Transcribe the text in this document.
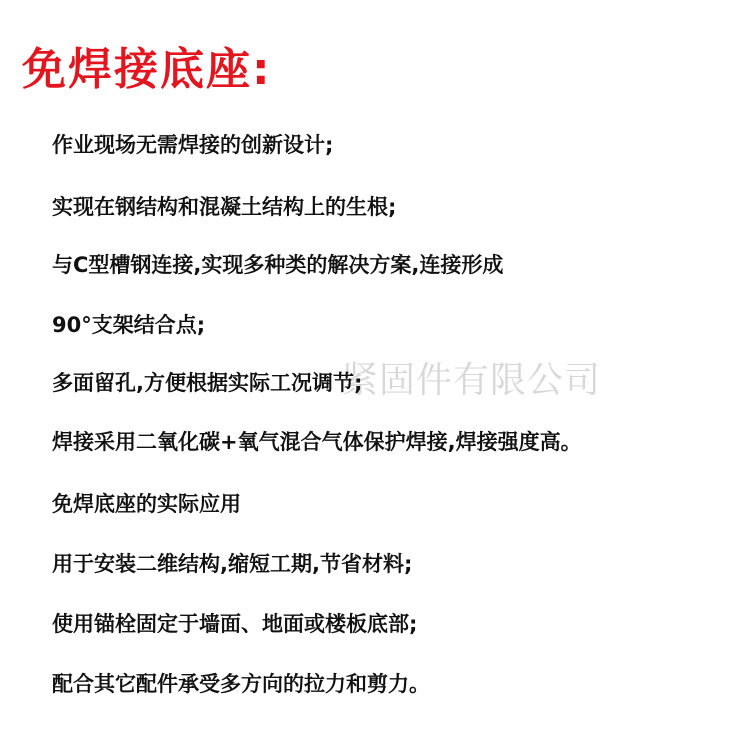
免焊接底座:

作业现场无需焊接的创新设计;

实现在钢结构和混凝土结构上的生根;

与C型槽钢连接,实现多种类的解决方案,连接形成

90°支架结合点;

紧固件有限公司

多面留孔,方便根据实际工况调节;

焊接采用二氧化碳+氧气混合气体保护焊接,焊接强度高。

免焊底座的实际应用

用于安装二维结构,缩短工期,节省材料;

使用锚栓固定于墙面、地面或楼板底部;

配合其它配件承受多方向的拉力和剪力。
